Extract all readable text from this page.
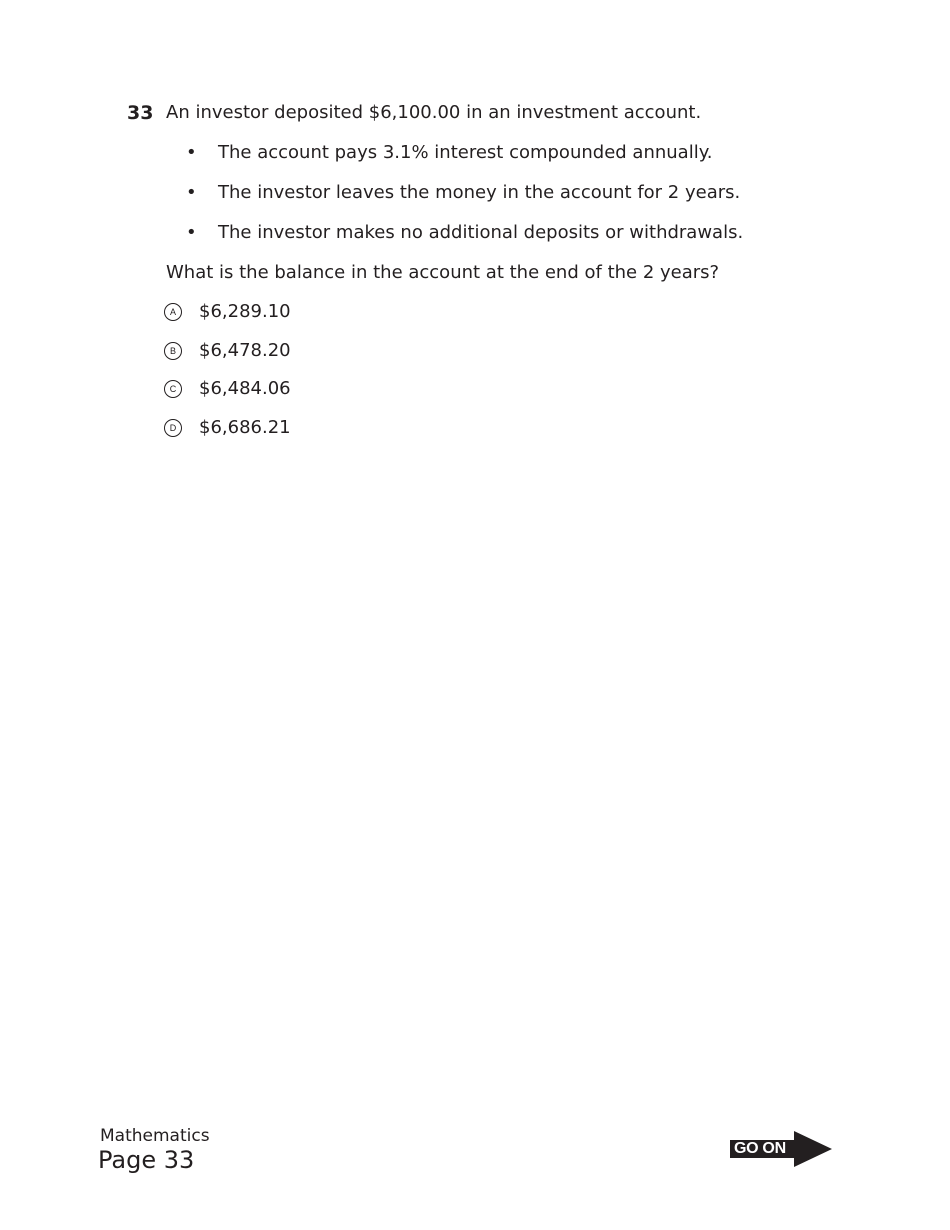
33 An investor deposited $6,100.00 in an investment account.
• The account pays 3.1% interest compounded annually.
• The investor leaves the money in the account for 2 years.
• The investor makes no additional deposits or withdrawals.
What is the balance in the account at the end of the 2 years?
A	$6,289.10
B	$6,478.20
C	$6,484.06
D	$6,686.21
Mathematics
Page 33	GO ON
